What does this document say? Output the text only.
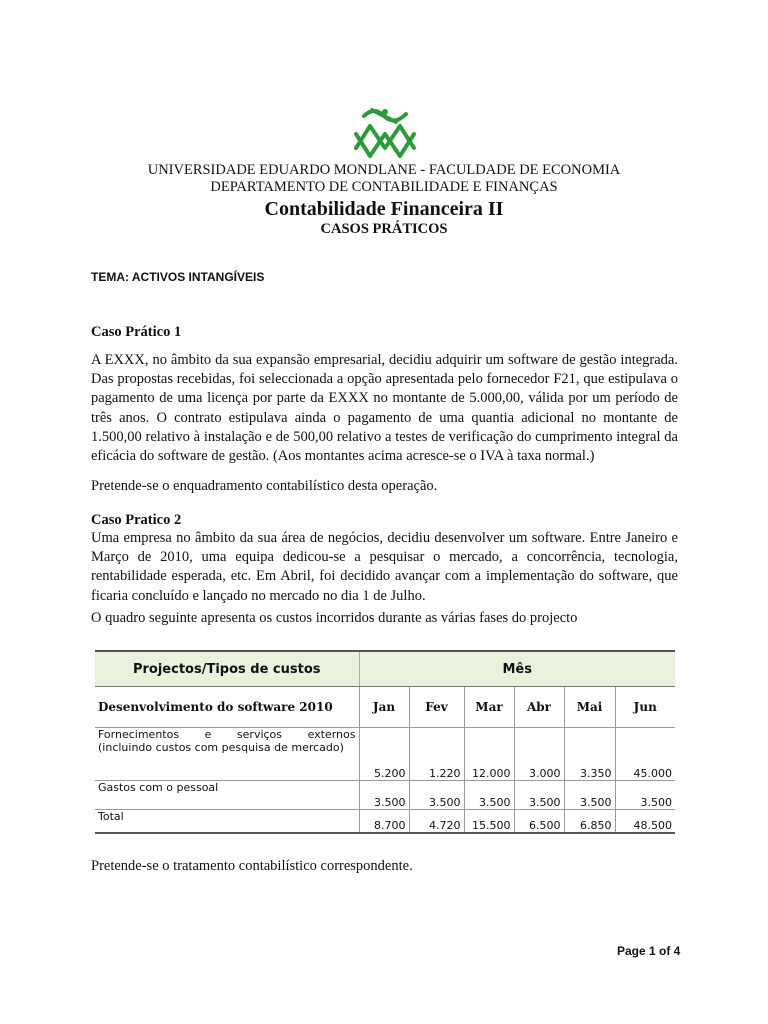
UNIVERSIDADE EDUARDO MONDLANE - FACULDADE DE ECONOMIA
DEPARTAMENTO DE CONTABILIDADE E FINANÇAS
Contabilidade Financeira II
CASOS PRÁTICOS
TEMA: ACTIVOS INTANGÍVEIS
Caso Prático 1
A EXXX, no âmbito da sua expansão empresarial, decidiu adquirir um software de gestão integrada. Das propostas recebidas, foi seleccionada a opção apresentada pelo fornecedor F21, que estipulava o pagamento de uma licença por parte da EXXX no montante de 5.000,00, válida por um período de três anos. O contrato estipulava ainda o pagamento de uma quantia adicional no montante de 1.500,00 relativo à instalação e de 500,00 relativo a testes de verificação do cumprimento integral da eficácia do software de gestão. (Aos montantes acima acresce-se o IVA à taxa normal.)
Pretende-se o enquadramento contabilístico desta operação.
Caso Pratico 2
Uma empresa no âmbito da sua área de negócios, decidiu desenvolver um software. Entre Janeiro e Março de 2010, uma equipa dedicou-se a pesquisar o mercado, a concorrência, tecnologia, rentabilidade esperada, etc. Em Abril, foi decidido avançar com a implementação do software, que ficaria concluído e lançado no mercado no dia 1 de Julho.
O quadro seguinte apresenta os custos incorridos durante as várias fases do projecto
Projectos/Tipos de custos	Mês					
Desenvolvimento do software 2010	Jan	Fev	Mar	Abr	Mai	Jun

Fornecimentos e serviços externos
(incluindo custos com pesquisa de mercado)	5.200	1.220	12.000	3.000	3.350	45.000
Gastos com o pessoal	3.500	3.500	3.500	3.500	3.500	3.500
Total	8.700	4.720	15.500	6.500	6.850	48.500
Pretende-se o tratamento contabilístico correspondente.
Page 1 of 4
